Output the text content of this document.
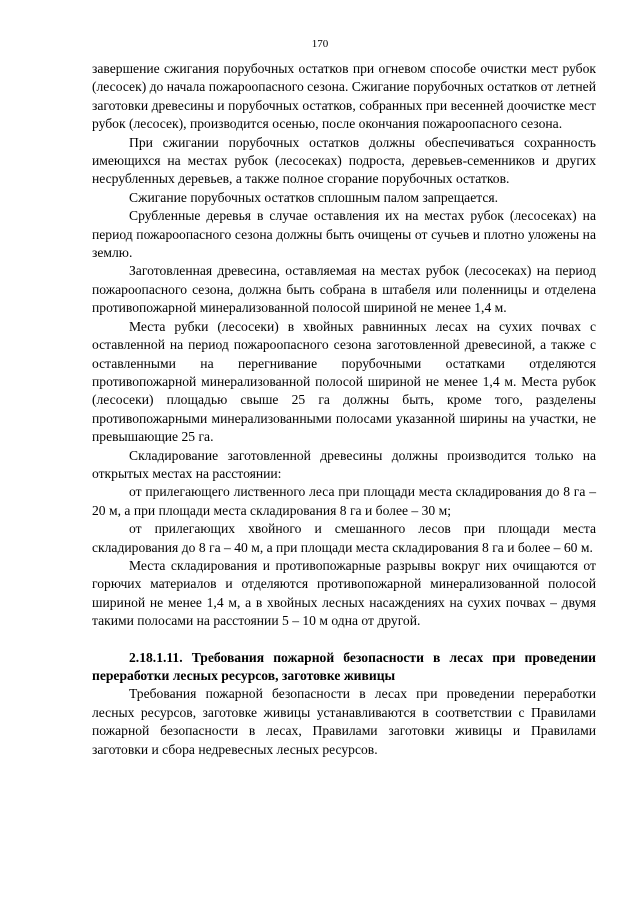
170

завершение сжигания порубочных остатков при огневом способе очистки мест рубок (лесосек) до начала пожароопасного сезона. Сжигание порубочных остатков от летней заготовки древесины и порубочных остатков, собранных при весенней доочистке мест рубок (лесосек), производится осенью, после окончания пожароопасного сезона.

При сжигании порубочных остатков должны обеспечиваться сохранность имеющихся на местах рубок (лесосеках) подроста, деревьев-семенников и других несрубленных деревьев, а также полное сгорание порубочных остатков.

Сжигание порубочных остатков сплошным палом запрещается.

Срубленные деревья в случае оставления их на местах рубок (лесосеках) на период пожароопасного сезона должны быть очищены от сучьев и плотно уложены на землю.

Заготовленная древесина, оставляемая на местах рубок (лесосеках) на период пожароопасного сезона, должна быть собрана в штабеля или поленницы и отделена противопожарной минерализованной полосой шириной не менее 1,4 м.

Места рубки (лесосеки) в хвойных равнинных лесах на сухих почвах с оставленной на период пожароопасного сезона заготовленной древесиной, а также с оставленными на перегнивание порубочными остатками отделяются противопожарной минерализованной полосой шириной не менее 1,4 м. Места рубок (лесосеки) площадью свыше 25 га должны быть, кроме того, разделены противопожарными минерализованными полосами указанной ширины на участки, не превышающие 25 га.

Складирование заготовленной древесины должны производится только на открытых местах на расстоянии:

от прилегающего лиственного леса при площади места складирования до 8 га – 20 м, а при площади места складирования 8 га и более – 30 м;

от прилегающих хвойного и смешанного лесов при площади места складирования до 8 га – 40 м, а при площади места складирования 8 га и более – 60 м.

Места складирования и противопожарные разрывы вокруг них очищаются от горючих материалов и отделяются противопожарной минерализованной полосой шириной не менее 1,4 м, а в хвойных лесных насаждениях на сухих почвах – двумя такими полосами на расстоянии 5 – 10 м одна от другой.

2.18.1.11. Требования пожарной безопасности в лесах при проведении переработки лесных ресурсов, заготовке живицы

Требования пожарной безопасности в лесах при проведении переработки лесных ресурсов, заготовке живицы устанавливаются в соответствии с Правилами пожарной безопасности в лесах, Правилами заготовки живицы и Правилами заготовки и сбора недревесных лесных ресурсов.
